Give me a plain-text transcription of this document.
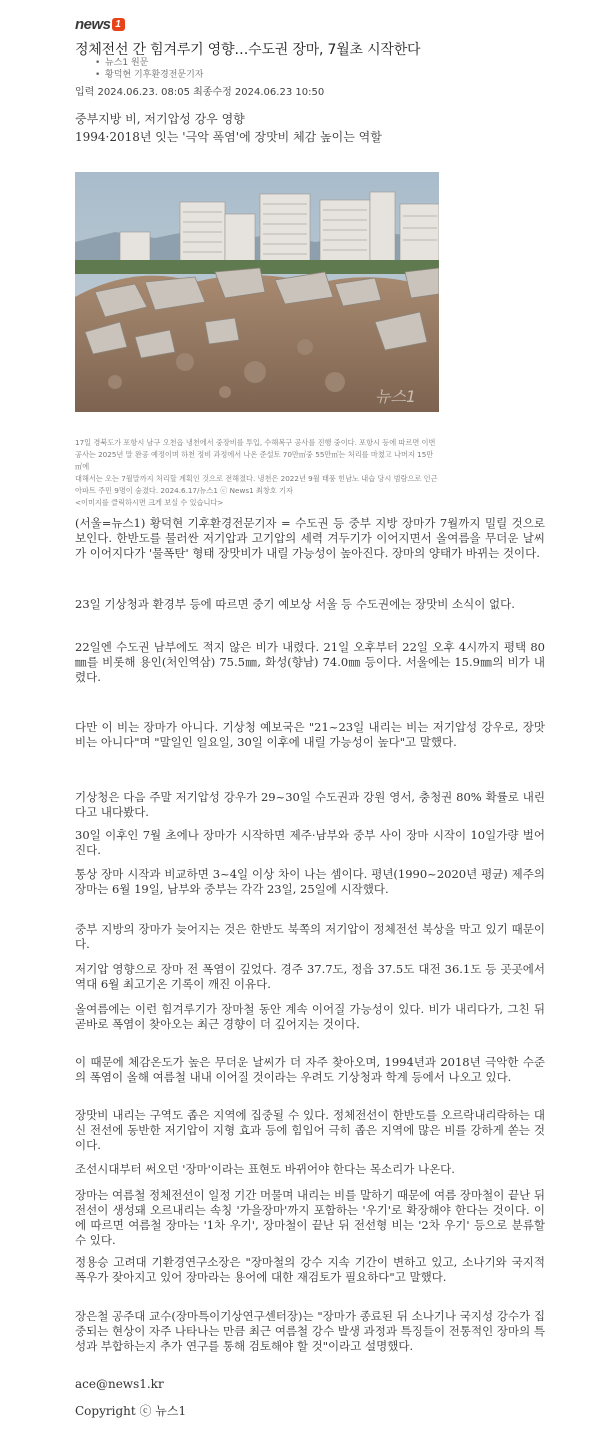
news 1
정체전선 간 힘겨루기 영향…수도권 장마, 7월초 시작한다
• 뉴스1 원문
• 황덕현 기후환경전문기자
입력 2024.06.23. 08:05 최종수정 2024.06.23 10:50
중부지방 비, 저기압성 강우 영향
1994·2018년 잇는 '극악 폭염'에 장맛비 체감 높이는 역할
뉴스1
17일 경북도가 포항시 남구 오천읍 냉천에서 중장비를 투입, 수해복구 공사를 진행 중이다. 포항시 등에 따르면 이번
공사는 2025년 말 완공 예정이며 하천 정비 과정에서 나온 준설토 70만㎥중 55만㎥는 처리를 마쳤고 나머지 15만㎥에
대해서는 오는 7월말까지 처리할 계획인 것으로 전해졌다. 냉천은 2022년 9월 태풍 힌남노 내습 당시 범람으로 인근
아파트 주민 9명이 숨졌다. 2024.6.17/뉴스1 ⓒ News1 최창호 기자
<이미지를 클릭하시면 크게 보실 수 있습니다>
(서울=뉴스1) 황덕현 기후환경전문기자 = 수도권 등 중부 지방 장마가 7월까지 밀릴 것으로 보인다. 한반도를 물러싼 저기압과 고기압의 세력 겨두기가 이어지면서 올여름을 무더운 날씨가 이어지다가 '물폭탄' 형태 장맛비가 내릴 가능성이 높아진다. 장마의 양태가 바뀌는 것이다.
23일 기상청과 환경부 등에 따르면 중기 예보상 서울 등 수도권에는 장맛비 소식이 없다.
22일엔 수도권 남부에도 적지 않은 비가 내렸다. 21일 오후부터 22일 오후 4시까지 평택 80㎜를 비롯해 용인(처인역삼) 75.5㎜, 화성(향남) 74.0㎜ 등이다. 서울에는 15.9㎜의 비가 내렸다.
다만 이 비는 장마가 아니다. 기상청 예보국은 "21~23일 내리는 비는 저기압성 강우로, 장맛비는 아니다"며 "말일인 일요일, 30일 이후에 내릴 가능성이 높다"고 말했다.
기상청은 다음 주말 저기압성 강우가 29~30일 수도권과 강원 영서, 충청권 80% 확률로 내린다고 내다봤다.
30일 이후인 7월 초에나 장마가 시작하면 제주·남부와 중부 사이 장마 시작이 10일가량 벌어진다.
통상 장마 시작과 비교하면 3~4일 이상 차이 나는 셈이다. 평년(1990~2020년 평균) 제주의 장마는 6월 19일, 남부와 중부는 각각 23일, 25일에 시작했다.
중부 지방의 장마가 늦어지는 것은 한반도 북쪽의 저기압이 정체전선 북상을 막고 있기 때문이다.
저기압 영향으로 장마 전 폭염이 깊었다. 경주 37.7도, 정읍 37.5도 대전 36.1도 등 곳곳에서 역대 6월 최고기온 기록이 깨진 이유다.
올여름에는 이런 힘겨루기가 장마철 동안 계속 이어질 가능성이 있다. 비가 내리다가, 그친 뒤 곧바로 폭염이 찾아오는 최근 경향이 더 깊어지는 것이다.
이 때문에 체감온도가 높은 무더운 날씨가 더 자주 찾아오며, 1994년과 2018년 극악한 수준의 폭염이 올해 여름철 내내 이어질 것이라는 우려도 기상청과 학계 등에서 나오고 있다.
장맛비 내리는 구역도 좁은 지역에 집중될 수 있다. 정체전선이 한반도를 오르락내리락하는 대신 전선에 동반한 저기압이 지형 효과 등에 힘입어 극히 좁은 지역에 많은 비를 강하게 쏟는 것이다.
조선시대부터 써오던 '장마'이라는 표현도 바뀌어야 한다는 목소리가 나온다.
장마는 여름철 정체전선이 일정 기간 머물며 내리는 비를 말하기 때문에 여름 장마철이 끝난 뒤 전선이 생성돼 오르내리는 속칭 '가을장마'까지 포함하는 '우기'로 확장해야 한다는 것이다. 이에 따르면 여름철 장마는 '1차 우기', 장마철이 끝난 뒤 전선형 비는 '2차 우기' 등으로 분류할 수 있다.
정용승 고려대 기환경연구소장은 "장마철의 강수 지속 기간이 변하고 있고, 소나기와 국지적 폭우가 잦아지고 있어 장마라는 용어에 대한 재검토가 필요하다"고 말했다.
장은철 공주대 교수(장마특이기상연구센터장)는 "장마가 종료된 뒤 소나기나 국지성 강수가 집중되는 현상이 자주 나타나는 만큼 최근 여름철 강수 발생 과정과 특징들이 전통적인 장마의 특성과 부합하는지 추가 연구를 통해 검토해야 할 것"이라고 설명했다.
ace@news1.kr
Copyright ⓒ 뉴스1
